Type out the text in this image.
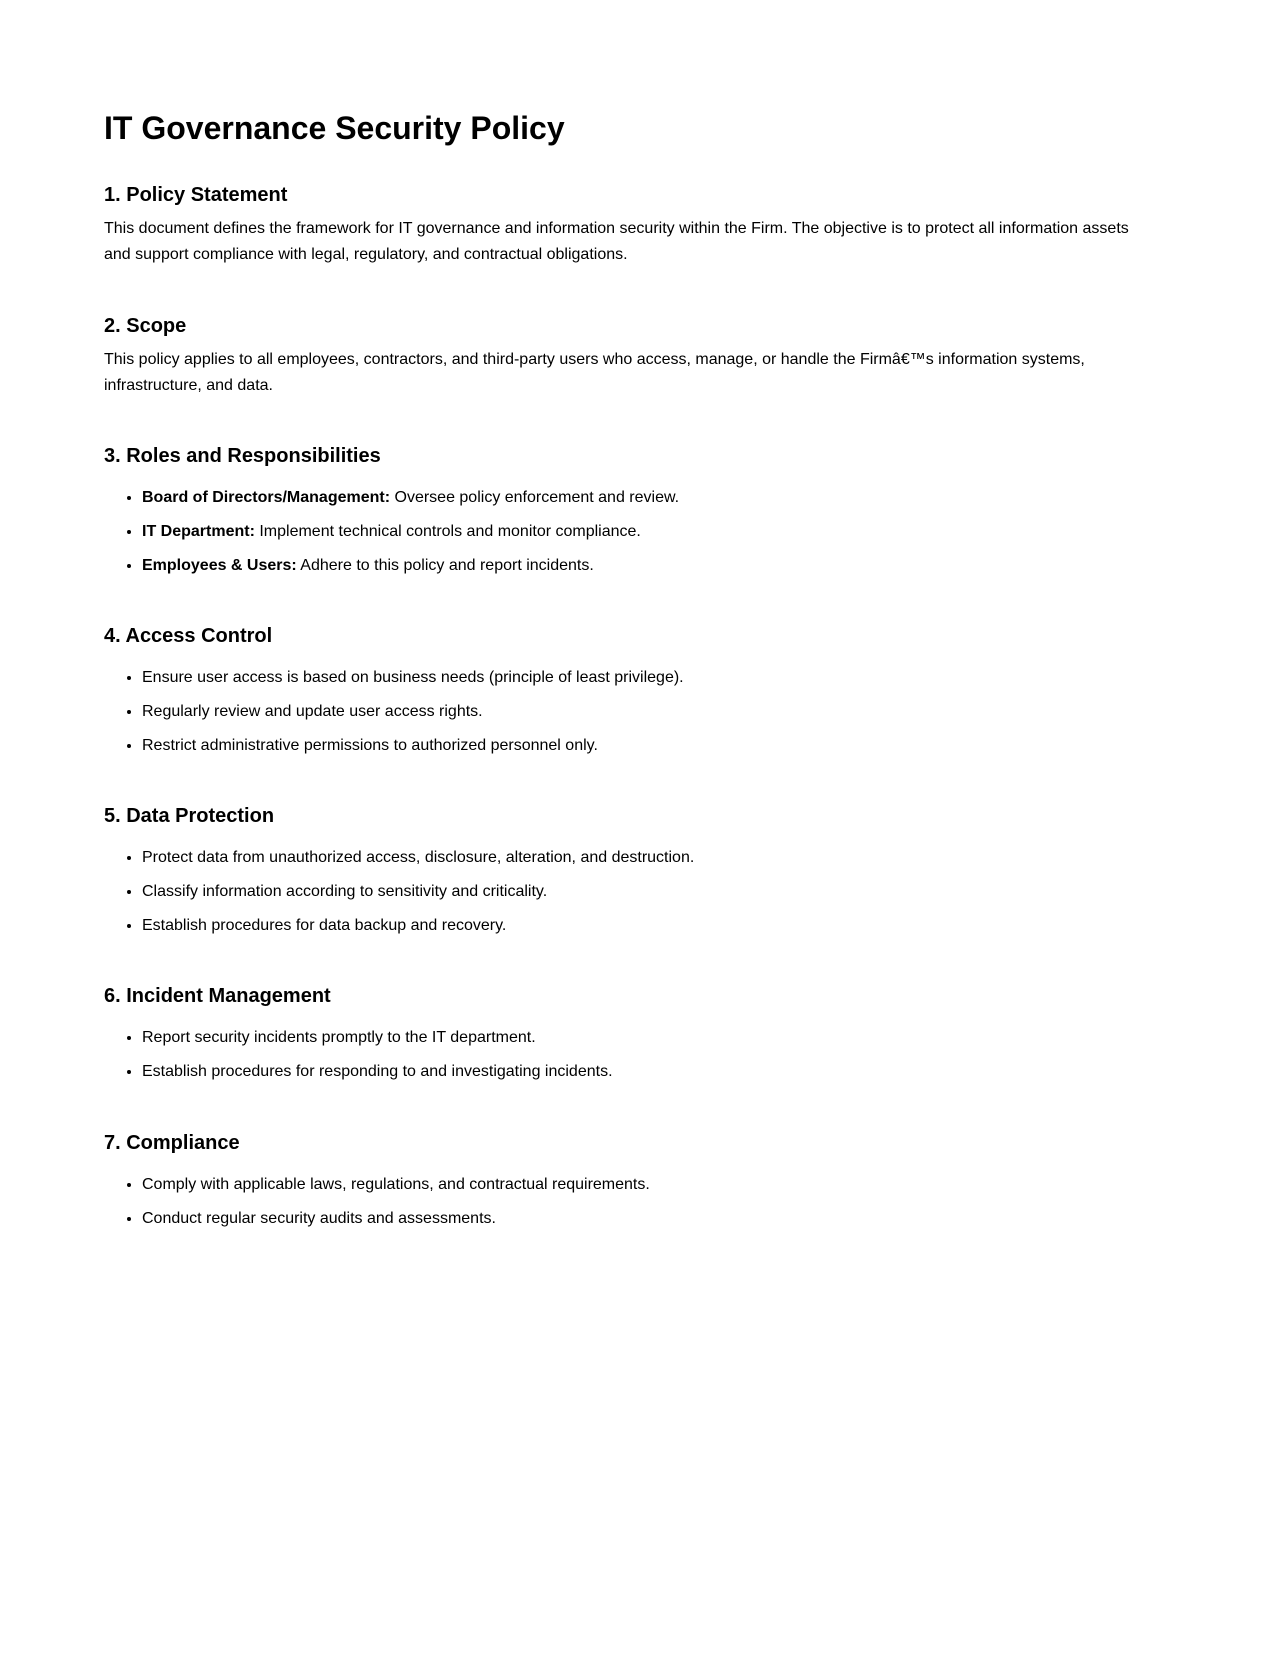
IT Governance Security Policy
1. Policy Statement

This document defines the framework for IT governance and information security within the Firm. The objective is to protect all information assets and support compliance with legal, regulatory, and contractual obligations.

2. Scope

This policy applies to all employees, contractors, and third-party users who access, manage, or handle the Firmâ€™s information systems, infrastructure, and data.

3. Roles and Responsibilities
• Board of Directors/Management: Oversee policy enforcement and review.
• IT Department: Implement technical controls and monitor compliance.
• Employees & Users: Adhere to this policy and report incidents.
4. Access Control
• Ensure user access is based on business needs (principle of least privilege).
• Regularly review and update user access rights.
• Restrict administrative permissions to authorized personnel only.
5. Data Protection
• Protect data from unauthorized access, disclosure, alteration, and destruction.
• Classify information according to sensitivity and criticality.
• Establish procedures for data backup and recovery.
6. Incident Management
• Report security incidents promptly to the IT department.
• Establish procedures for responding to and investigating incidents.
7. Compliance
• Comply with applicable laws, regulations, and contractual requirements.
• Conduct regular security audits and assessments.
